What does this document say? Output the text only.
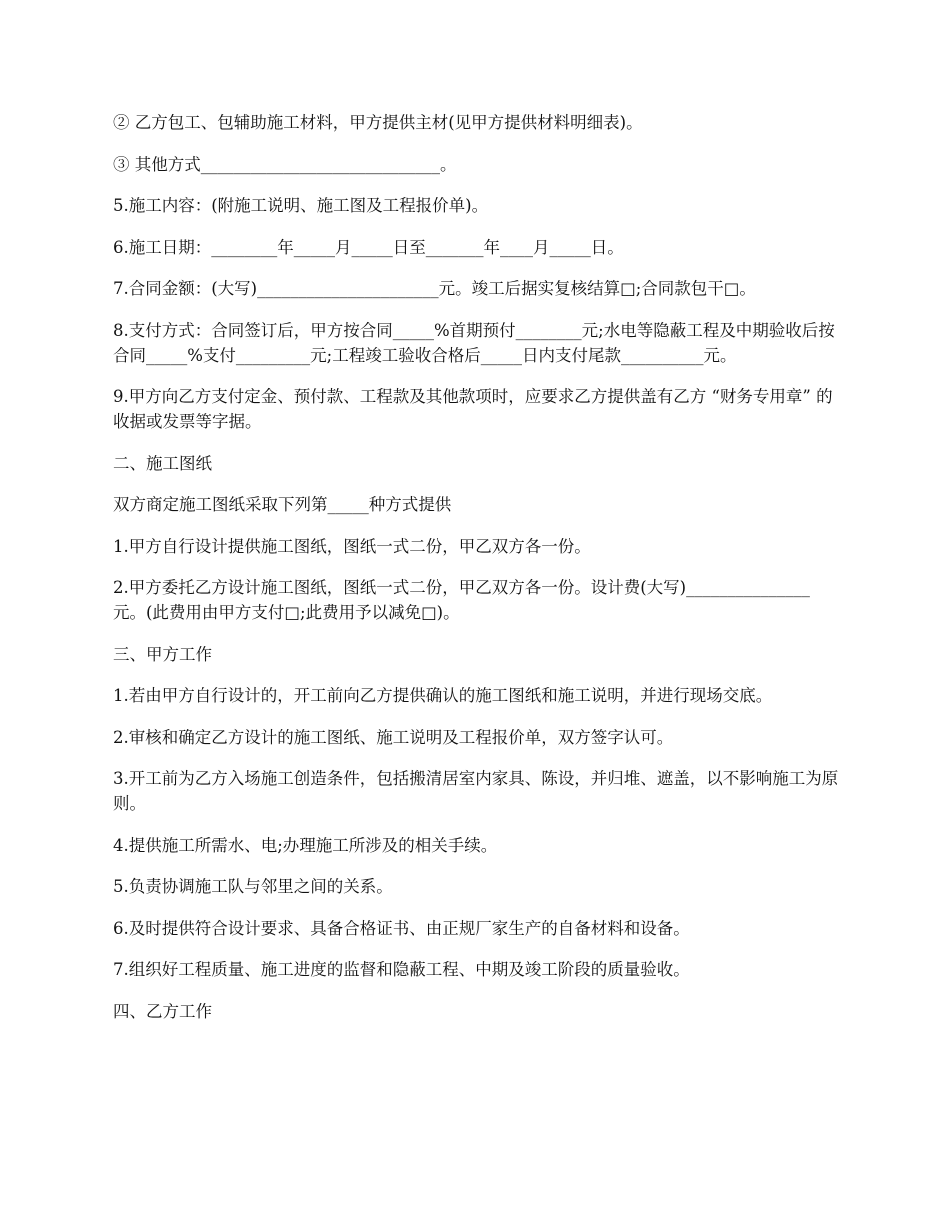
② 乙方包工、包辅助施工材料，甲方提供主材(见甲方提供材料明细表)。

③ 其他方式_____________________________。

5.施工内容：(附施工说明、施工图及工程报价单)。

6.施工日期：________年_____月_____日至_______年____月_____日。

7.合同金额：(大写)______________________元。竣工后据实复核结算□;合同款包干□。

8.支付方式：合同签订后，甲方按合同_____%首期预付________元;水电等隐蔽工程及中期验收后按合同_____%支付_________元;工程竣工验收合格后_____日内支付尾款__________元。

9.甲方向乙方支付定金、预付款、工程款及其他款项时，应要求乙方提供盖有乙方 “财务专用章” 的收据或发票等字据。

二、施工图纸

双方商定施工图纸采取下列第_____种方式提供

1.甲方自行设计提供施工图纸，图纸一式二份，甲乙双方各一份。

2.甲方委托乙方设计施工图纸，图纸一式二份，甲乙双方各一份。设计费(大写)_______________元。(此费用由甲方支付□;此费用予以减免□)。

三、甲方工作

1.若由甲方自行设计的，开工前向乙方提供确认的施工图纸和施工说明，并进行现场交底。

2.审核和确定乙方设计的施工图纸、施工说明及工程报价单，双方签字认可。

3.开工前为乙方入场施工创造条件，包括搬清居室内家具、陈设，并归堆、遮盖，以不影响施工为原则。

4.提供施工所需水、电;办理施工所涉及的相关手续。

5.负责协调施工队与邻里之间的关系。

6.及时提供符合设计要求、具备合格证书、由正规厂家生产的自备材料和设备。

7.组织好工程质量、施工进度的监督和隐蔽工程、中期及竣工阶段的质量验收。

四、乙方工作
